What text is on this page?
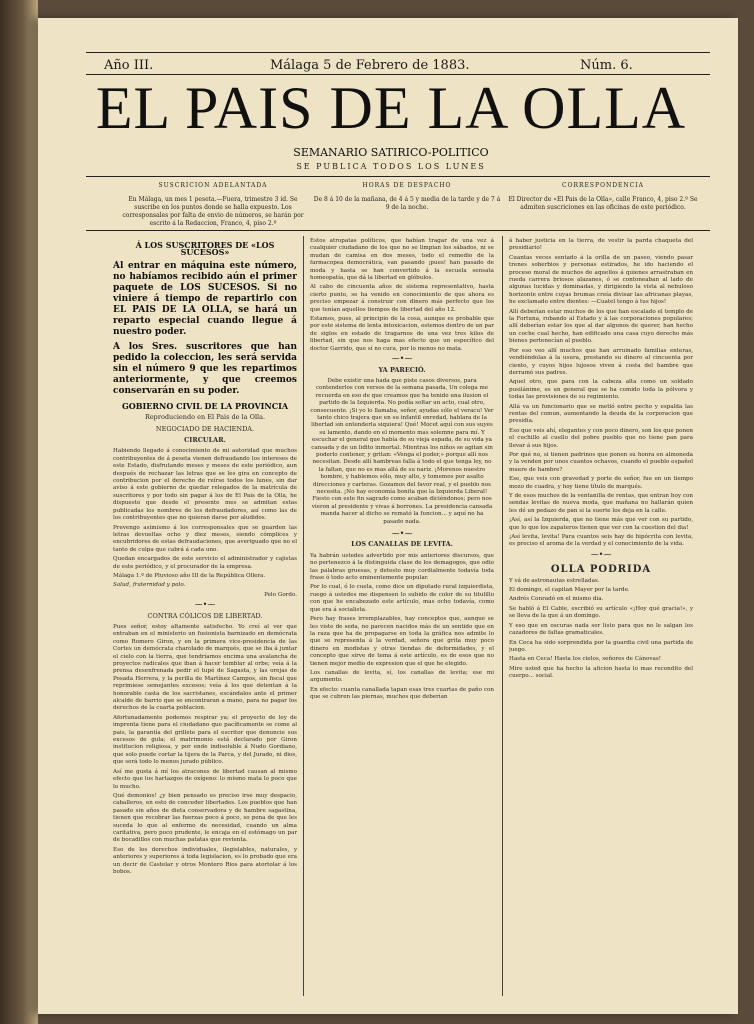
Año III.	Málaga 5 de Febrero de 1883.	Núm. 6.
EL PAIS DE LA OLLA
SEMANARIO SATIRICO-POLITICO
SE PUBLICA TODOS LOS LUNES
SUSCRICION ADELANTADA
En Málaga, un mes 1 peseta.—Fuera, trimestre 3 id. Se suscribe en los puntos donde se halla expuesto. Los corresponsales por falta de envio de números, se harán por escrito á la Redaccion, Franco, 4, piso 2.º
HORAS DE DESPACHO
De 8 á 10 de la mañana, de 4 á 5 y media de la tarde y de 7 á 9 de la noche.
CORRESPONDENCIA
El Director de «El Pais de la Olla», calle Franco, 4, piso 2.º Se admiten suscriciones en las oficinas de este periódico.
Á LOS SUSCRITORES DE «LOS SUCESOS»
Al entrar en máquina este número, no habíamos recibido aún el primer paquete de LOS SUCESOS. Si no viniere á tiempo de repartirlo con EL PAIS DE LA OLLA, se hará un reparto especial cuando llegue á nuestro poder.
A los Sres. suscritores que han pedido la coleccion, les será servida sin el número 9 que les repartimos anteriormente, y que creemos conservarán en su poder.
GOBIERNO CIVIL DE LA PROVINCIA
Reproduciendo en El Pais de la Olla.
NEGOCIADO DE HACIENDA.
CIRCULAR.

Habiendo llegado á conocimiento de mi autoridad que muchos contribuyentes de á peseta vienen defraudando los intereses de este Estado, disfrutando meses y meses de este periódico, aun después de rechazar las letras que se les gira en concepto de contribucion por el derecho de reírse todos los lunes, sin dar aviso á este gobierno de quedar relegados de la matrícula de suscritores y por todo sin pagar á los de El Pais de la Olla, he dispuesto que desde el presente mes se admitan estas publicadas los nombres de los defraudadores, así como las de los contribuyentes que no quieran darse por aludidos.

Prevengo asimismo á los corresponsales que se guarden las letras devueltas ocho y diez meses, siendo cómplices y encubridores de estas defraudaciones, que averiguado que no el tanto de culpa que cabrá á cada uno.

Quedan encargados de este servicio el administrador y cajistas de este periódico, y el procurador de la empresa.

Málaga 1.º de Pluvioso año III de la República Ollera.

Salud, fraternidad y palo.

Pelo Gordo.

⁓•⁓
CONTRA CÓLICOS DE LIBERTAD.

Pues señor, estoy altamente satisfecho. Yo creí al ver que entraban en el ministerio un fusionista barnizado en demócrata como Romero Giron, y en la primera vice-presidencia de las Cortes un demócrata charolado de marqués, que se iba á juntar el cielo con la tierra, que tendríamos encima una avalancha de proyectos radicales que iban á hacer temblar al orbe; veía á la prensa desenfrenada pedir el tupé de Sagasta, y las orejas de Posada Herrera, y la perilla de Martínez Campos, sin fiscal que reprimiese semejantes excesos; veía á los que detentan á la honorable casta de los sacristanes, escándalos ante el primer alcalde de barrio que se encontraran a mano, para no pagar los derechos de la cuarta poblacion.

Afortunadamente podemos respirar ya; el proyecto de ley de imprenta tiene para el ciudadano que pacíficamente se come al pais, la garantía del grillete para el escritor que denuncie sus excesos de gula; el matrimonio está declarado por Giron institucion religiosa, y por ende indisoluble á Nudo Gordiano, que solo puede cortar la tijera de la Parca, y del Jurado, ni dios, que será todo lo menos jurado público.

Así me gusta á mí los atracones de libertad causan al mismo efecto que los hartazgos de oxígeno: lo mismo mata lo poco que lo mucho.

Qué demonios! ¿y bien pensado es preciso irse muy despacio, caballeros, en esto de conceder libertades. Los pueblos que han pasado sin años de dieta conservadora y de hambre sagastina, tienen que recobrar las fuerzas poco á poco, so pena de que les suceda lo que al enfermo de necesidad, cuando un alma caritativa, pero poco prudente, le encaja en el estómago un par de bocadillos con muchas patatas que revienta.

Eso de los derechos individuales, ilegislables, naturales, y anteriores y superiores á toda legislacion, es lo probado que era un decir de Castelar y otros Montero Rios para atortolar á los bobos.

Estos atropatas políticos, que habían tragar de una vez á cualquier ciudadano de los que no se limpian los sábados, ni se mudan de camisa en dos meses, todo el remedio de la farmacopea democrática, van pasando ¡pues! han pasado de moda y hasta se han convertido á la escuela sensata homeopatía, que dá la libertad en glóbulos.

Al cabo de cincuenta años de sistema representativo, hasta cierto punto, se ha venido en conocimiento de que ahora es preciso empezar á construir con dinero más perfecto que los que tenían aquellos tiempos de libertad del año 12.

Estamos, pues, al principio de la cosa, aunque es probable que por este sistema de lenta intoxicacion, estemos dentro de un par de siglos en estado de tragarnos de una vez tres kilos de libertad, sin que nos haga mas efecto que un específico del doctor Garrido, que sí no cura, por lo menos no mata.

⁓•⁓
YA PARECIÓ.
Debe existir una hada que piste casos diversos, para contenderlos con versos de la semana pasada, Un colega me recuerda en eso de que creamos que ha tenido una ilusion el partido de la Izquierda. No podía soltar un acto, cual otro, consecuente. ¡Si yo lo llamaba, señor, ayudas sólo el veracu! Ver tanto chico trajera que en su infantil enredad, hablara de la libertad sin entenderla siquiera! Qué! Mocet aquí con sus suyes su lamento, dando en el momento mas solemne para mí. Y escuchar el general que había de su vieja espada, de su vida ya cansada y de un lidito inmortal. Mientras los niños se agitan sin poderlo contener, y gritan: «Venga el poder,» porque allí nos necesitan. Desde allí hambreas falla á todo el que tenga ley, no la faltan, que no es mas allá de su nariz. ¡Morenos nuestro hombre, y hablemos sólo, muy alto, y tomemos por asalto direcciones y carteras. Gozamos del favor real, y el pueblo nos necesita. ¡No hay economía bonita que la Izquierda Liberal! Fiesto con este fin sagrado como acaban diciéndonos; pero nos vieron al presidente y vivas á borrones. La presidencia cansada manda hacer al dicho se remató la funcion... y aquí no ha pasado nada.
⁓•⁓
LOS CANALLAS DE LEVITA.

Ya habrán ustedes advertido por mis anteriores discursos, que no pertenezco á la distinguida clase de los demagogos, que odio las palabras gruesas, y detesto muy cordialmente todavía toda frase ó todo acto eminentemente popular.

Por lo cual, ó lo cuela, como dice un diputado rural izquierdista, ruego á ustedes me dispensen lo subido de color de su titulillo con que he encabezado este artículo, mas ocho todavía, como que era á socialista.

Pero hay frases irremplazables, hay conceptos que, aunque se les viste de seda, no parecen nacidos más de un sentido que en la raza que ha de propagarse en toda la gráfica nos admite lo que se representa á la verdad, señora que grita muy poco dinero en modistas y otras tiendas de deformidades, y el concepto que sirve de tema á este artículo, es de esos que no tienen mejor medio de expresion que el que he elegido.

Los canallas de levita, sí, los canallas de levita; ese mi argumento.

En efecto: cuanta canallada tapan esas tres cuartas de paño con que se cubren las piernas, muchos que deberían

á haber justicia en la tierra, de vestir la parda chaqueta del presidiario!

Cuantas veces sentado á la orilla de un paseo, viendo pasar trenes soberbios y personas estirados, he ido haciendo el proceso moral de muchos de aquellos á quienes arrastraban en rueda carrera briosos alazanes, ó se contoneaban al lado de algunas lucidas y dominadas, y dirigiendo la vista al nebuloso horizonte entre cuyas brumas creía divisar las africanas playas, he exclamado entre dientes: —Cuatel tengo á tus hijos!

Allí deberían estar muchos de los que han escalado el templo de la Fortuna, robando al Estado y á las corporaciones populares; allí deberían estar los que al dar algunos de querer, han hecho un coche cual hecho, han edificado una casa cuyo derecho más bienes pertenecían al pueblo.

Por eso veo allí muchos que han arruinado familias enteras, vendiéndolas á la usura, prestando su dinero al cincuenta por ciento, y cuyos hijos lujosos viven á costa del hambre que derramó sus padres.

Aquel otro, que para con la cabeza alta como un soldado pusilánime, es un general que se ha comido toda la pólvora y todas las provisiones de su regimiento.

Allá va un funcionario que se metió entre pecho y espalda las rentas del comun, aumentando la deuda de la corporacion que presidía.

Eso que veis ahí, elegantes y con poco dinero, son los que ponen el cuchillo al cuello del pobre pueblo que no tiene pan para llevar á sus hijos.

Por qué no, si tienen padrinos que ponen su honra en almoneda y la venden por unos cuantos ochavos, cuando el pueblo español muere de hambre?

Ese, que veis con gravedad y porte de señor, fue en un tiempo mozo de cuadra, y hoy tiene título de marqués.

Y de esos muchos de la ventanilla de rentas, que entran hoy con sendas levitas de nueva moda, que mañana no hallarán quien les dé un pedazo de pan si la suerte los deja en la calle.

¡Así, así la Izquierda, que no tiene más que ver con su partido, que lo que los zapateros tienen que ver con la cuestion del dia!

¡Así levita, levita! Para cuantos seis hay de hipócrita con levita, es preciso el aroma de la verdad y el conocimiento de la vida.

⁓•⁓
OLLA PODRIDA

Y vá de astronautas estrelladas.

El domingo, el capitan Mayer por la tarde.

Andrés Conradó en el mismo dia.

Se habló á El Cable, escribió su artículo «¡Hoy qué gracia!», y se lleva de la que á un domingo.

Y eso que en oscuras nada ser listo para que no le salgan los cazadores de faltas gramaticales.

En Ceca ha sido sorprendida por la guardia civil una partida de juego.

Hasta en Ceca! Hasta los cielos, señores de Cánovas!

Mire usted que ha hecho la aficion hasta lo mas recondito del cuerpo... social.
